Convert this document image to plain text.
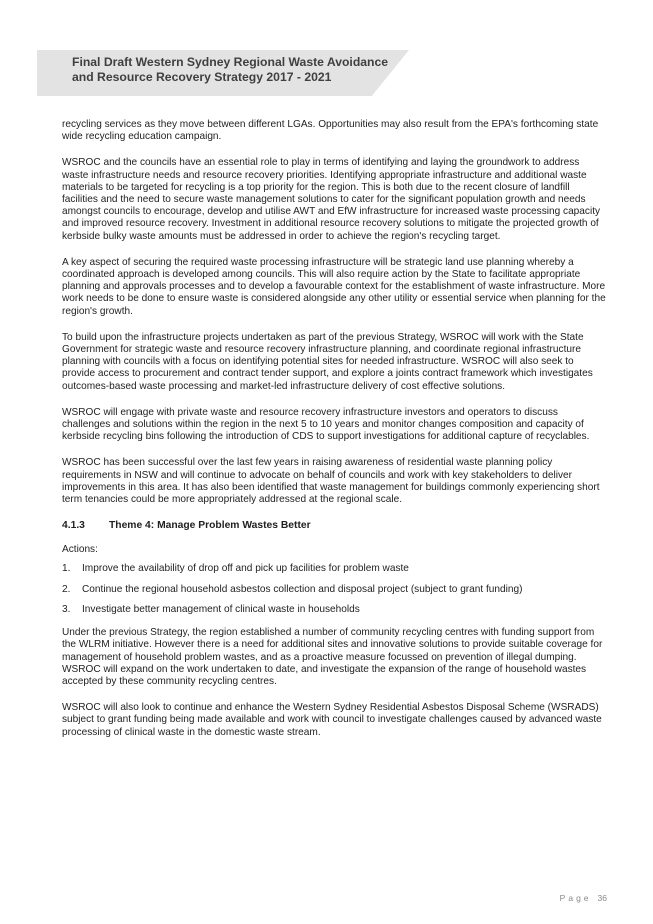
Final Draft Western Sydney Regional Waste Avoidance
and Resource Recovery Strategy 2017 - 2021

recycling services as they move between different LGAs. Opportunities may also result from the EPA's forthcoming state wide recycling education campaign.

WSROC and the councils have an essential role to play in terms of identifying and laying the groundwork to address waste infrastructure needs and resource recovery priorities. Identifying appropriate infrastructure and additional waste materials to be targeted for recycling is a top priority for the region. This is both due to the recent closure of landfill facilities and the need to secure waste management solutions to cater for the significant population growth and needs amongst councils to encourage, develop and utilise AWT and EfW infrastructure for increased waste processing capacity and improved resource recovery. Investment in additional resource recovery solutions to mitigate the projected growth of kerbside bulky waste amounts must be addressed in order to achieve the region's recycling target.

A key aspect of securing the required waste processing infrastructure will be strategic land use planning whereby a coordinated approach is developed among councils. This will also require action by the State to facilitate appropriate planning and approvals processes and to develop a favourable context for the establishment of waste infrastructure. More work needs to be done to ensure waste is considered alongside any other utility or essential service when planning for the region's growth.

To build upon the infrastructure projects undertaken as part of the previous Strategy, WSROC will work with the State Government for strategic waste and resource recovery infrastructure planning, and coordinate regional infrastructure planning with councils with a focus on identifying potential sites for needed infrastructure. WSROC will also seek to provide access to procurement and contract tender support, and explore a joints contract framework which investigates outcomes-based waste processing and market-led infrastructure delivery of cost effective solutions.

WSROC will engage with private waste and resource recovery infrastructure investors and operators to discuss challenges and solutions within the region in the next 5 to 10 years and monitor changes composition and capacity of kerbside recycling bins following the introduction of CDS to support investigations for additional capture of recyclables.

WSROC has been successful over the last few years in raising awareness of residential waste planning policy requirements in NSW and will continue to advocate on behalf of councils and work with key stakeholders to deliver improvements in this area. It has also been identified that waste management for buildings commonly experiencing short term tenancies could be more appropriately addressed at the regional scale.

4.1.3 Theme 4: Manage Problem Wastes Better

Actions:

1.	Improve the availability of drop off and pick up facilities for problem waste
2.	Continue the regional household asbestos collection and disposal project (subject to grant funding)
3.	Investigate better management of clinical waste in households

Under the previous Strategy, the region established a number of community recycling centres with funding support from the WLRM initiative. However there is a need for additional sites and innovative solutions to provide suitable coverage for management of household problem wastes, and as a proactive measure focussed on prevention of illegal dumping. WSROC will expand on the work undertaken to date, and investigate the expansion of the range of household wastes accepted by these community recycling centres.

WSROC will also look to continue and enhance the Western Sydney Residential Asbestos Disposal Scheme (WSRADS) subject to grant funding being made available and work with council to investigate challenges caused by advanced waste processing of clinical waste in the domestic waste stream.

Page 36
